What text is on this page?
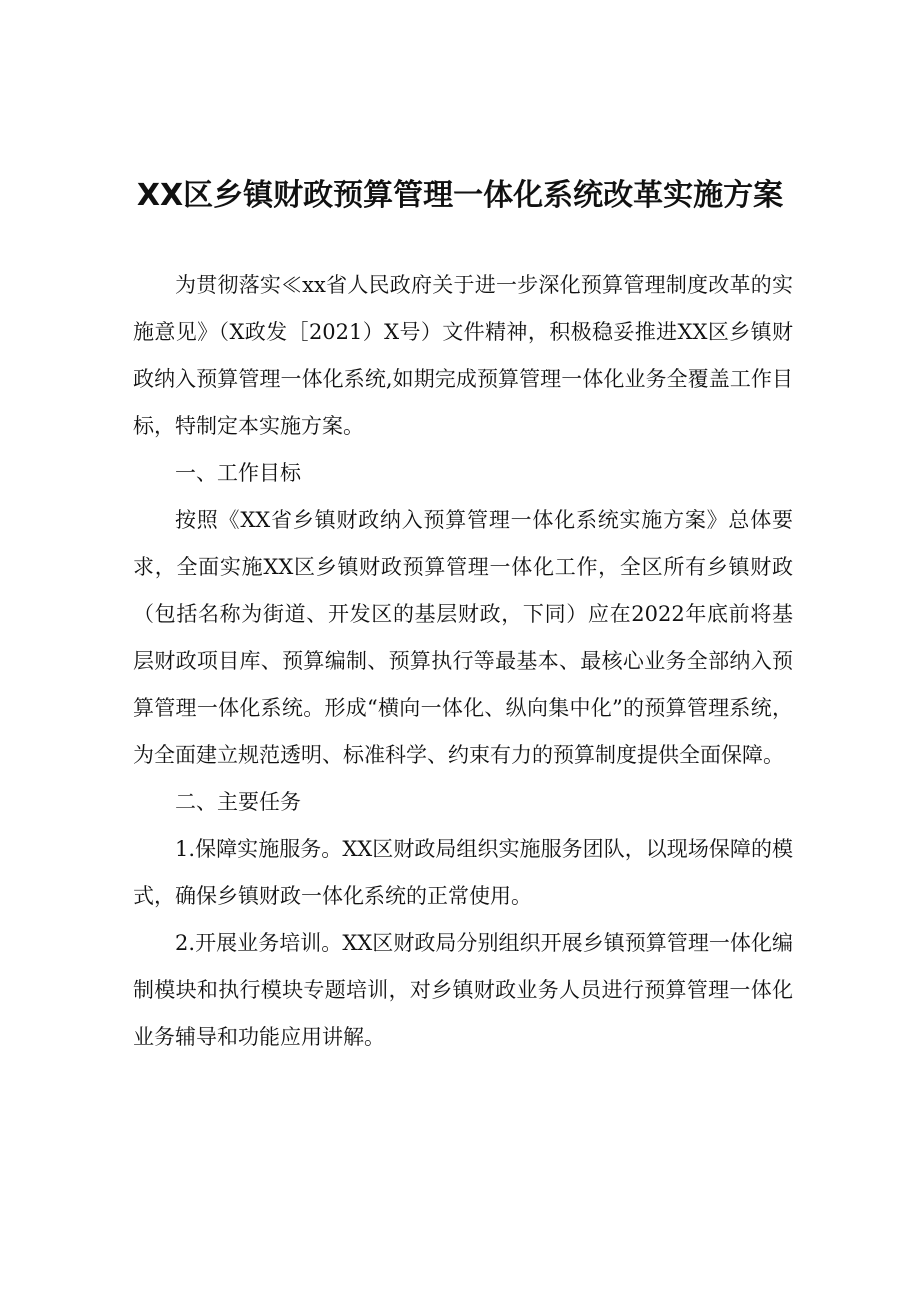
XX区乡镇财政预算管理一体化系统改革实施方案

为贯彻落实≪xx省人民政府关于进一步深化预算管理制度改革的实施意见》（X政发［2021）X号）文件精神，积极稳妥推进XX区乡镇财政纳入预算管理一体化系统,如期完成预算管理一体化业务全覆盖工作目标，特制定本实施方案。

一、工作目标

按照《XX省乡镇财政纳入预算管理一体化系统实施方案》总体要求，全面实施XX区乡镇财政预算管理一体化工作，全区所有乡镇财政（包括名称为街道、开发区的基层财政，下同）应在2022年底前将基层财政项目库、预算编制、预算执行等最基本、最核心业务全部纳入预算管理一体化系统。形成“横向一体化、纵向集中化”的预算管理系统，为全面建立规范透明、标准科学、约束有力的预算制度提供全面保障。

二、主要任务

1.保障实施服务。XX区财政局组织实施服务团队，以现场保障的模式，确保乡镇财政一体化系统的正常使用。

2.开展业务培训。XX区财政局分别组织开展乡镇预算管理一体化编制模块和执行模块专题培训，对乡镇财政业务人员进行预算管理一体化业务辅导和功能应用讲解。
